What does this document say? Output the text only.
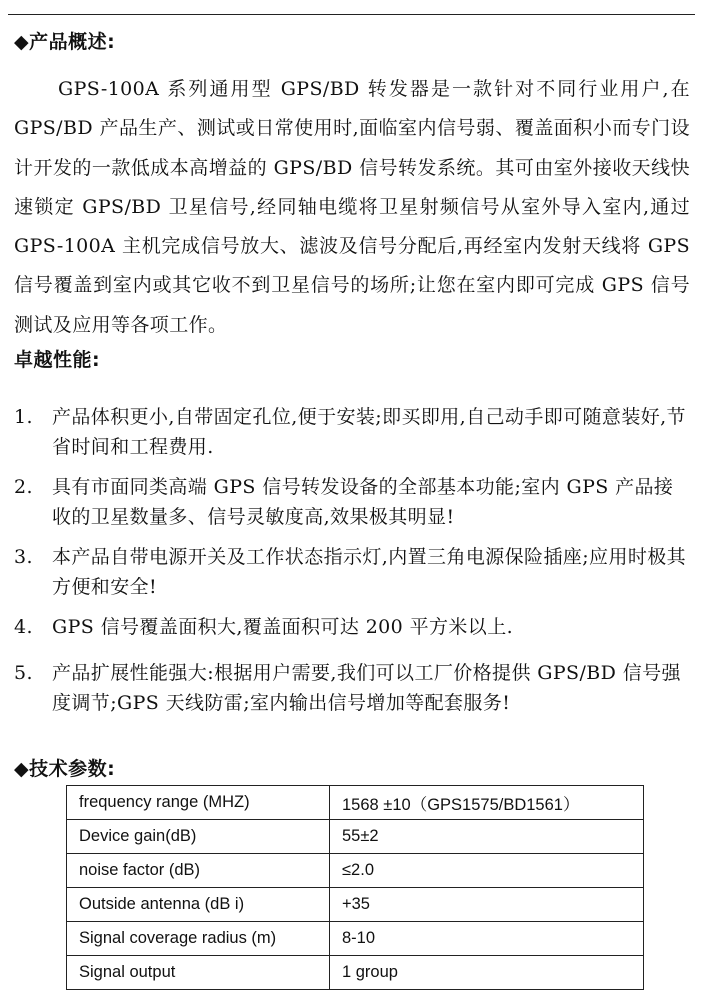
◆产品概述:

GPS-100A 系列通用型 GPS/BD 转发器是一款针对不同行业用户,在GPS/BD 产品生产、测试或日常使用时,面临室内信号弱、覆盖面积小而专门设计开发的一款低成本高增益的 GPS/BD 信号转发系统。其可由室外接收天线快速锁定 GPS/BD 卫星信号,经同轴电缆将卫星射频信号从室外导入室内,通过 GPS-100A 主机完成信号放大、滤波及信号分配后,再经室内发射天线将 GPS 信号覆盖到室内或其它收不到卫星信号的场所;让您在室内即可完成 GPS 信号测试及应用等各项工作。

卓越性能:
1. 产品体积更小,自带固定孔位,便于安装;即买即用,自己动手即可随意装好,节省时间和工程费用.
2. 具有市面同类高端 GPS 信号转发设备的全部基本功能;室内 GPS 产品接收的卫星数量多、信号灵敏度高,效果极其明显!
3. 本产品自带电源开关及工作状态指示灯,内置三角电源保险插座;应用时极其方便和安全!
4. GPS 信号覆盖面积大,覆盖面积可达 200 平方米以上.
5. 产品扩展性能强大:根据用户需要,我们可以工厂价格提供 GPS/BD 信号强度调节;GPS 天线防雷;室内输出信号增加等配套服务!
◆技术参数:
frequency range (MHZ)	1568 ±10（GPS1575/BD1561）
Device gain(dB)	55±2
noise factor (dB)	≤2.0
Outside antenna (dB i)	+35
Signal coverage radius (m)	8-10
Signal output	1 group
